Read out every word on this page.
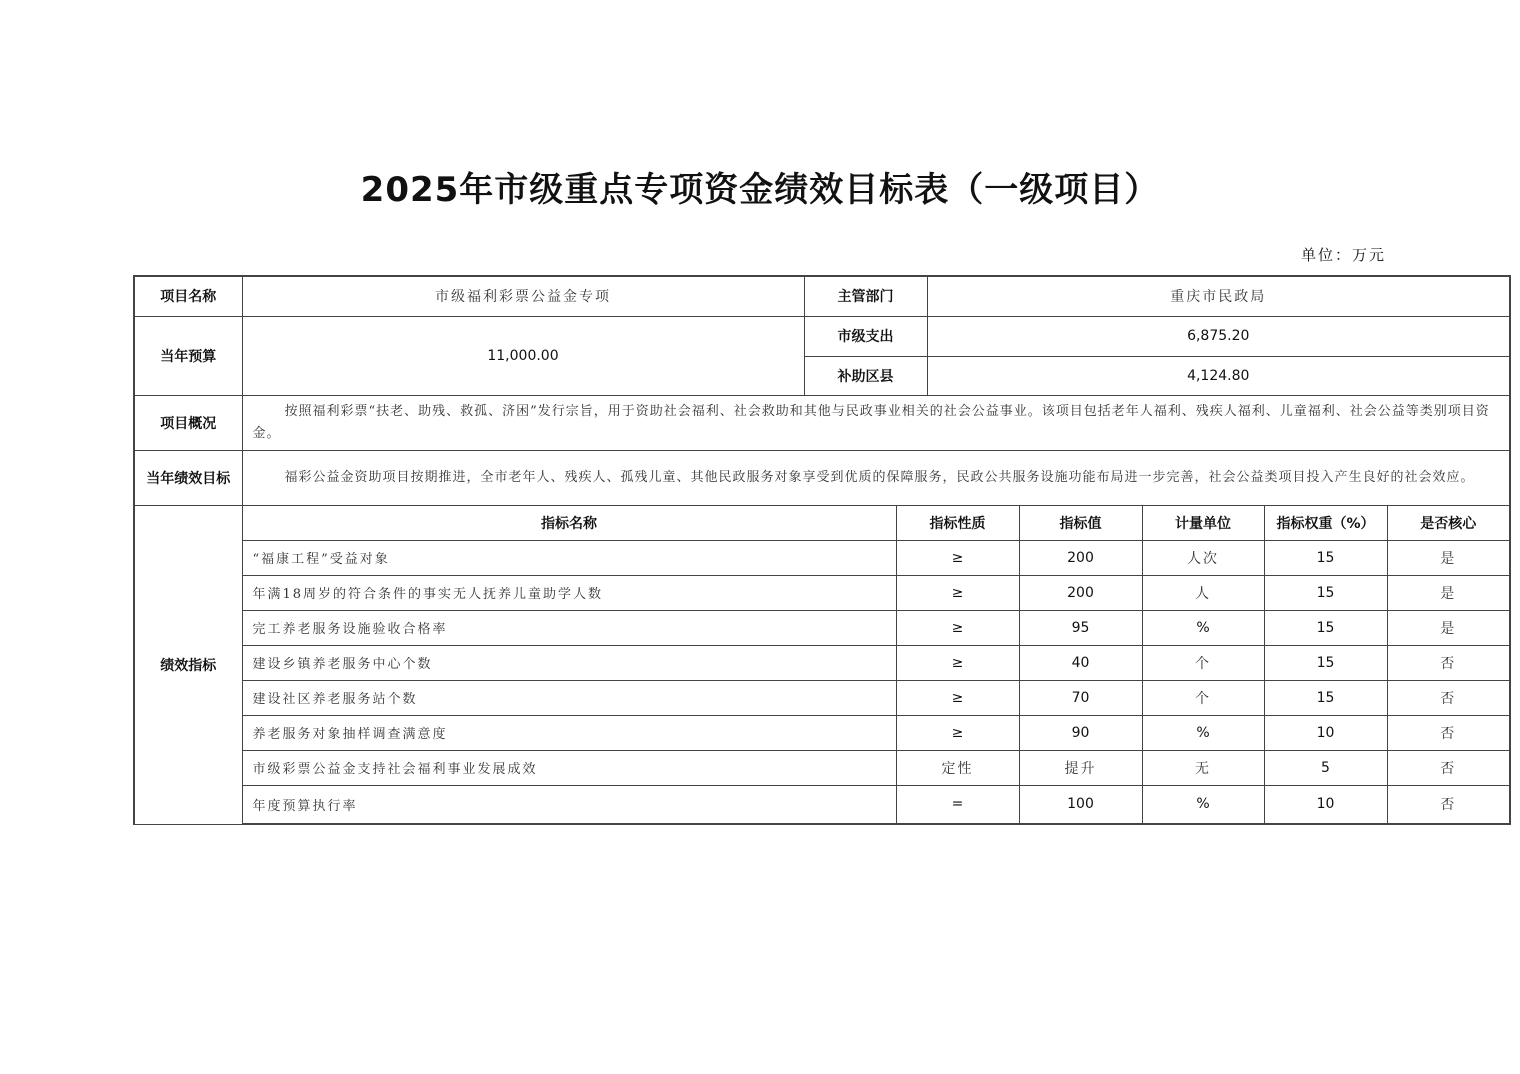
2025年市级重点专项资金绩效目标表（一级项目）
单位：万元
项目名称	市级福利彩票公益金专项	主管部门		重庆市民政局				
当年预算	11,000.00	市级支出		6,875.20				
		补助区县		4,124.80				
项目概况	按照福利彩票“扶老、助残、救孤、济困”发行宗旨，用于资助社会福利、社会救助和其他与民政事业相关的社会公益事业。该项目包括老年人福利、残疾人福利、儿童福利、社会公益等类别项目资金。							
当年绩效目标	福彩公益金资助项目按期推进，全市老年人、残疾人、孤残儿童、其他民政服务对象享受到优质的保障服务，民政公共服务设施功能布局进一步完善，社会公益类项目投入产生良好的社会效应。							
绩效指标	指标名称		指标性质		指标值	计量单位	指标权重（%）	是否核心
	“福康工程”受益对象		≥		200	人次	15	是
	年满18周岁的符合条件的事实无人抚养儿童助学人数		≥		200	人	15	是
	完工养老服务设施验收合格率		≥		95	%	15	是
	建设乡镇养老服务中心个数		≥		40	个	15	否
	建设社区养老服务站个数		≥		70	个	15	否
	养老服务对象抽样调查满意度		≥		90	%	10	否
	市级彩票公益金支持社会福利事业发展成效		定性		提升	无	5	否
	年度预算执行率		=		100	%	10	否
